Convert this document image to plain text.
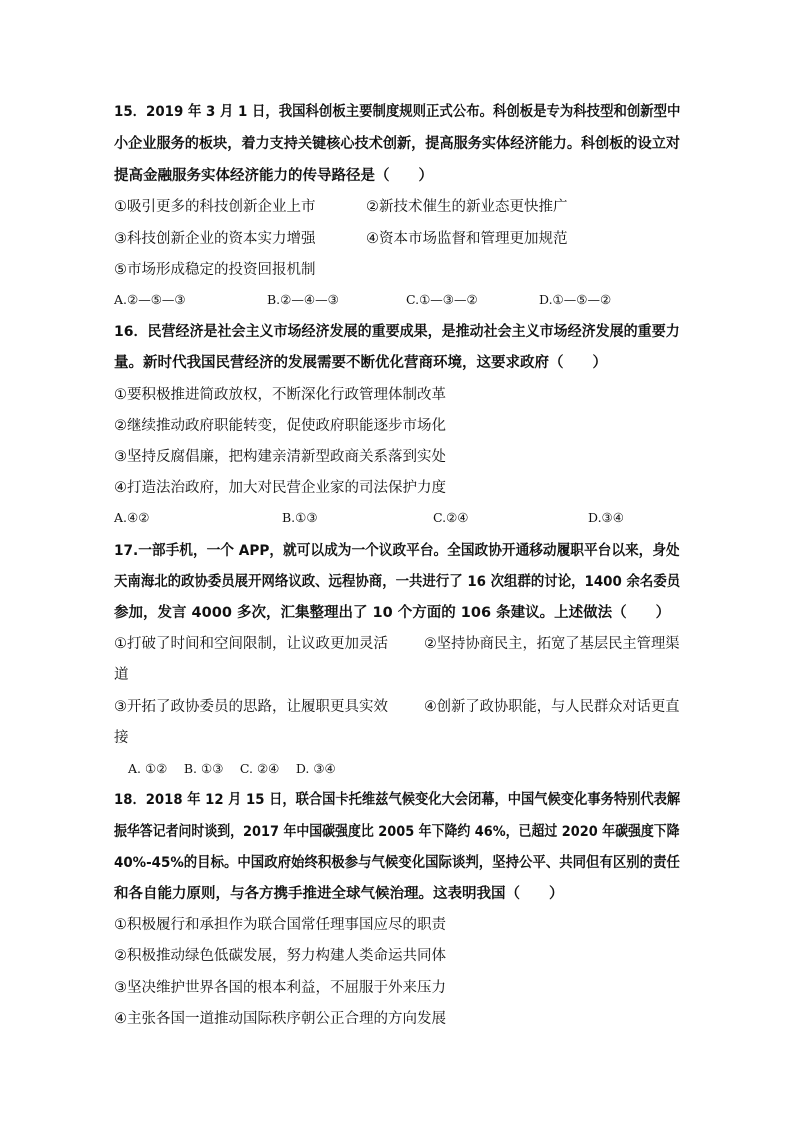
15．2019 年 3 月 1 日，我国科创板主要制度规则正式公布。科创板是专为科技型和创新型中
小企业服务的板块，着力支持关键核心技术创新，提高服务实体经济能力。科创板的设立对
提高金融服务实体经济能力的传导路径是（　　）
①吸引更多的科技创新企业上市	②新技术催生的新业态更快推广
③科技创新企业的资本实力增强	④资本市场监督和管理更加规范
⑤市场形成稳定的投资回报机制
A.②—⑤—③	B.②—④—③	C.①—③—②	D.①—⑤—②
16．民营经济是社会主义市场经济发展的重要成果，是推动社会主义市场经济发展的重要力
量。新时代我国民营经济的发展需要不断优化营商环境，这要求政府（　　）
①要积极推进简政放权，不断深化行政管理体制改革
②继续推动政府职能转变，促使政府职能逐步市场化
③坚持反腐倡廉，把构建亲清新型政商关系落到实处
④打造法治政府，加大对民营企业家的司法保护力度
A.④②	B.①③	C.②④	D.③④
17.一部手机，一个 APP，就可以成为一个议政平台。全国政协开通移动履职平台以来，身处
天南海北的政协委员展开网络议政、远程协商，一共进行了 16 次组群的讨论，1400 余名委员
参加，发言 4000 多次，汇集整理出了 10 个方面的 106 条建议。上述做法（　　）
①打破了时间和空间限制，让议政更加灵活 ②坚持协商民主，拓宽了基层民主管理渠
道
③开拓了政协委员的思路，让履职更具实效 ④创新了政协职能，与人民群众对话更直
接
A. ①②　 B. ①③　 C. ②④　 D. ③④
18．2018 年 12 月 15 日，联合国卡托维兹气候变化大会闭幕，中国气候变化事务特别代表解
振华答记者问时谈到，2017 年中国碳强度比 2005 年下降约 46%，已超过 2020 年碳强度下降
40%-45%的目标。中国政府始终积极参与气候变化国际谈判，坚持公平、共同但有区别的责任
和各自能力原则，与各方携手推进全球气候治理。这表明我国（　　）
①积极履行和承担作为联合国常任理事国应尽的职责
②积极推动绿色低碳发展，努力构建人类命运共同体
③坚决维护世界各国的根本利益，不屈服于外来压力
④主张各国一道推动国际秩序朝公正合理的方向发展
